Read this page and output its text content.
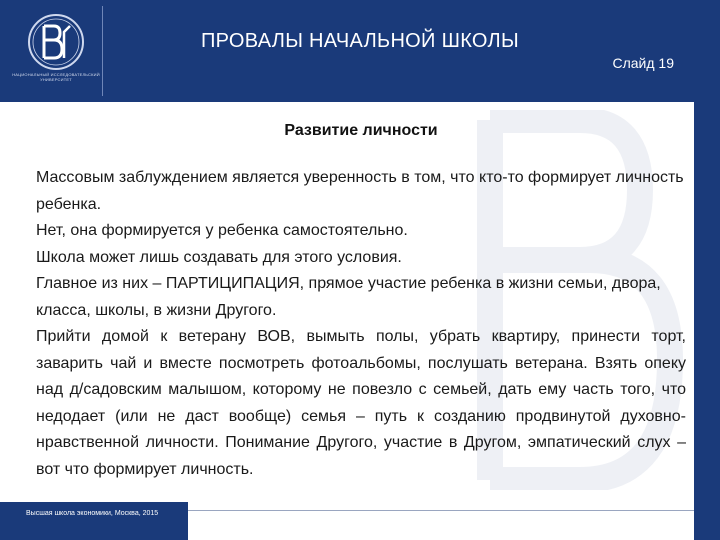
НАЦИОНАЛЬНЫЙ ИССЛЕДОВАТЕЛЬСКИЙ УНИВЕРСИТЕТ
ПРОВАЛЫ НАЧАЛЬНОЙ ШКОЛЫ
Слайд 19
Развитие личности

Массовым заблуждением является уверенность в том, что кто-то формирует личность ребенка.

Нет, она формируется у ребенка самостоятельно.

Школа может лишь создавать для этого условия.

Главное из них – ПАРТИЦИПАЦИЯ, прямое участие ребенка в жизни семьи, двора, класса, школы, в жизни Другого.

Прийти домой к ветерану ВОВ, вымыть полы, убрать квартиру, принести торт, заварить чай и вместе посмотреть фотоальбомы, послушать ветерана. Взять опеку над д/садовским малышом, которому не повезло с семьей, дать ему часть того, что недодает (или не даст вообще) семья – путь к созданию продвинутой духовно-нравственной личности. Понимание Другого, участие в Другом, эмпатический слух – вот что формирует личность.

Высшая школа экономики, Москва, 2015
